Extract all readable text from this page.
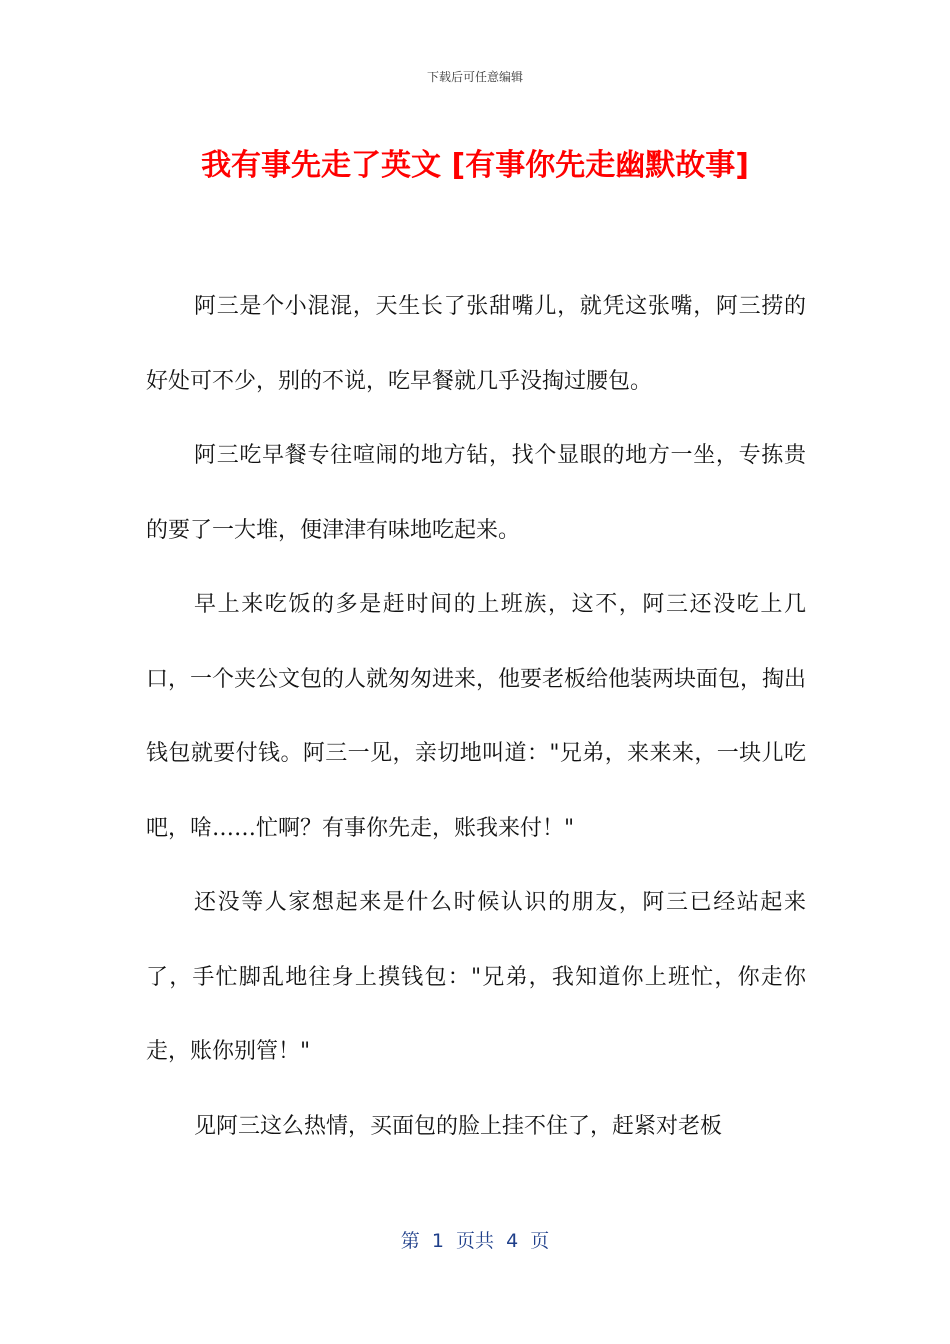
下载后可任意编辑
我有事先走了英文 [有事你先走幽默故事]

阿三是个小混混，天生长了张甜嘴儿，就凭这张嘴，阿三捞的好处可不少，别的不说，吃早餐就几乎没掏过腰包。

阿三吃早餐专往喧闹的地方钻，找个显眼的地方一坐，专拣贵的要了一大堆，便津津有味地吃起来。

早上来吃饭的多是赶时间的上班族，这不，阿三还没吃上几口，一个夹公文包的人就匆匆进来，他要老板给他装两块面包，掏出钱包就要付钱。阿三一见，亲切地叫道："兄弟，来来来，一块儿吃吧，啥……忙啊？有事你先走，账我来付！"

还没等人家想起来是什么时候认识的朋友，阿三已经站起来了，手忙脚乱地往身上摸钱包："兄弟，我知道你上班忙，你走你走，账你别管！"

见阿三这么热情，买面包的脸上挂不住了，赶紧对老板

第  1  页共  4  页
